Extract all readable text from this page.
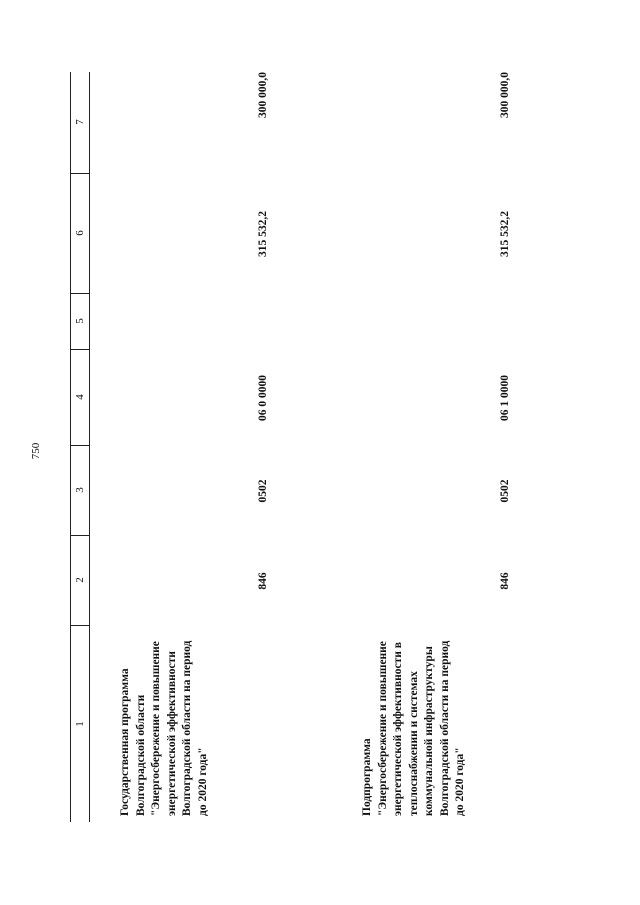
750
1
2
3
4
5
6
7
Государственная программа Волгоградской области "Энергосбережение и повышение энергетической эффективности Волгоградской области на период до 2020 года"
846
0502
06 0 0000
315 532,2
300 000,0
Подпрограмма "Энергосбережение и повышение энергетической эффективности в теплоснабжении и системах коммунальной инфраструктуры Волгоградской области на период до 2020 года"
846
0502
06 1 0000
315 532,2
300 000,0
